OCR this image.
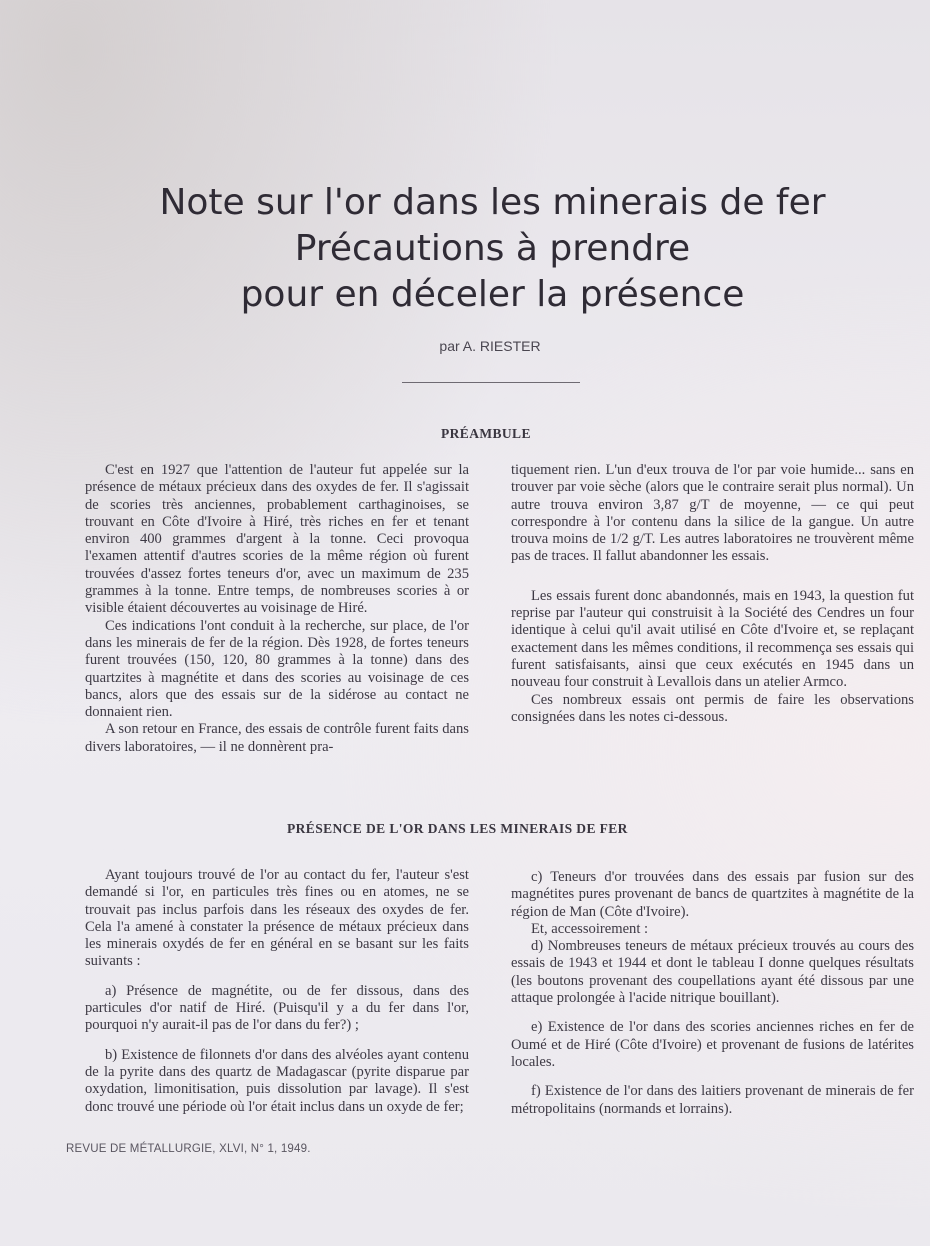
Note sur l'or dans les minerais de fer
Précautions à prendre
pour en déceler la présence
par A. RIESTER
PRÉAMBULE

C'est en 1927 que l'attention de l'auteur fut appelée sur la présence de métaux précieux dans des oxydes de fer. Il s'agissait de scories très anciennes, probablement carthaginoises, se trouvant en Côte d'Ivoire à Hiré, très riches en fer et tenant environ 400 grammes d'argent à la tonne. Ceci provoqua l'examen attentif d'autres scories de la même région où furent trouvées d'assez fortes teneurs d'or, avec un maximum de 235 grammes à la tonne. Entre temps, de nombreuses scories à or visible étaient découvertes au voisinage de Hiré.

Ces indications l'ont conduit à la recherche, sur place, de l'or dans les minerais de fer de la région. Dès 1928, de fortes teneurs furent trouvées (150, 120, 80 grammes à la tonne) dans des quartzites à magnétite et dans des scories au voisinage de ces bancs, alors que des essais sur de la sidérose au contact ne donnaient rien.

A son retour en France, des essais de contrôle furent faits dans divers laboratoires, — il ne donnèrent pra-

tiquement rien. L'un d'eux trouva de l'or par voie humide... sans en trouver par voie sèche (alors que le contraire serait plus normal). Un autre trouva environ 3,87 g/T de moyenne, — ce qui peut correspondre à l'or contenu dans la silice de la gangue. Un autre trouva moins de 1/2 g/T. Les autres laboratoires ne trouvèrent même pas de traces. Il fallut abandonner les essais.

Les essais furent donc abandonnés, mais en 1943, la question fut reprise par l'auteur qui construisit à la Société des Cendres un four identique à celui qu'il avait utilisé en Côte d'Ivoire et, se replaçant exactement dans les mêmes conditions, il recommença ses essais qui furent satisfaisants, ainsi que ceux exécutés en 1945 dans un nouveau four construit à Levallois dans un atelier Armco.

Ces nombreux essais ont permis de faire les observations consignées dans les notes ci-dessous.

PRÉSENCE DE L'OR DANS LES MINERAIS DE FER

Ayant toujours trouvé de l'or au contact du fer, l'auteur s'est demandé si l'or, en particules très fines ou en atomes, ne se trouvait pas inclus parfois dans les réseaux des oxydes de fer. Cela l'a amené à constater la présence de métaux précieux dans les minerais oxydés de fer en général en se basant sur les faits suivants :

a) Présence de magnétite, ou de fer dissous, dans des particules d'or natif de Hiré. (Puisqu'il y a du fer dans l'or, pourquoi n'y aurait-il pas de l'or dans du fer?) ;

b) Existence de filonnets d'or dans des alvéoles ayant contenu de la pyrite dans des quartz de Madagascar (pyrite disparue par oxydation, limonitisation, puis dissolution par lavage). Il s'est donc trouvé une période où l'or était inclus dans un oxyde de fer;

c) Teneurs d'or trouvées dans des essais par fusion sur des magnétites pures provenant de bancs de quartzites à magnétite de la région de Man (Côte d'Ivoire).

Et, accessoirement :

d) Nombreuses teneurs de métaux précieux trouvés au cours des essais de 1943 et 1944 et dont le tableau I donne quelques résultats (les boutons provenant des coupellations ayant été dissous par une attaque prolongée à l'acide nitrique bouillant).

e) Existence de l'or dans des scories anciennes riches en fer de Oumé et de Hiré (Côte d'Ivoire) et provenant de fusions de latérites locales.

f) Existence de l'or dans des laitiers provenant de minerais de fer métropolitains (normands et lorrains).

REVUE DE MÉTALLURGIE, XLVI, N° 1, 1949.
